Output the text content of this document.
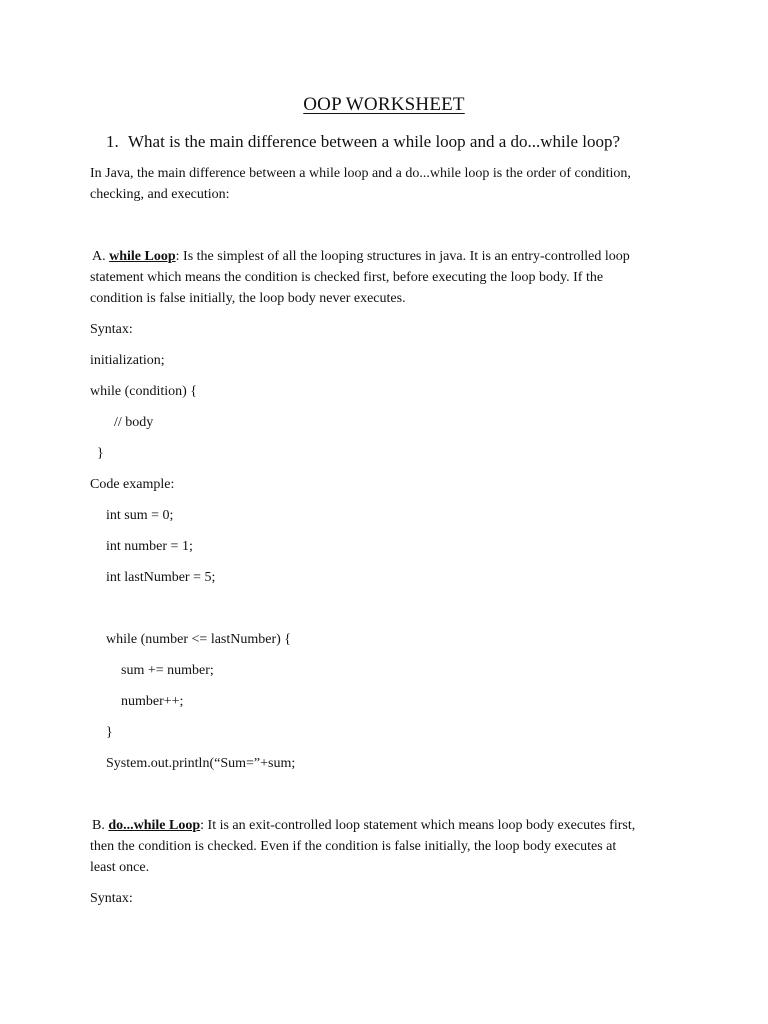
OOP WORKSHEET
1. What is the main difference between a while loop and a do...while loop?
In Java, the main difference between a while loop and a do...while loop is the order of condition,
checking, and execution:
A. while Loop: Is the simplest of all the looping structures in java. It is an entry-controlled loop
statement which means the condition is checked first, before executing the loop body. If the
condition is false initially, the loop body never executes.
Syntax:
initialization;
while (condition) {
// body
}
Code example:
int sum = 0;
int number = 1;
int lastNumber = 5;
while (number <= lastNumber) {
sum += number;
number++;
}
System.out.println(“Sum=”+sum;
B. do...while Loop: It is an exit-controlled loop statement which means loop body executes first,
then the condition is checked. Even if the condition is false initially, the loop body executes at
least once.
Syntax:
